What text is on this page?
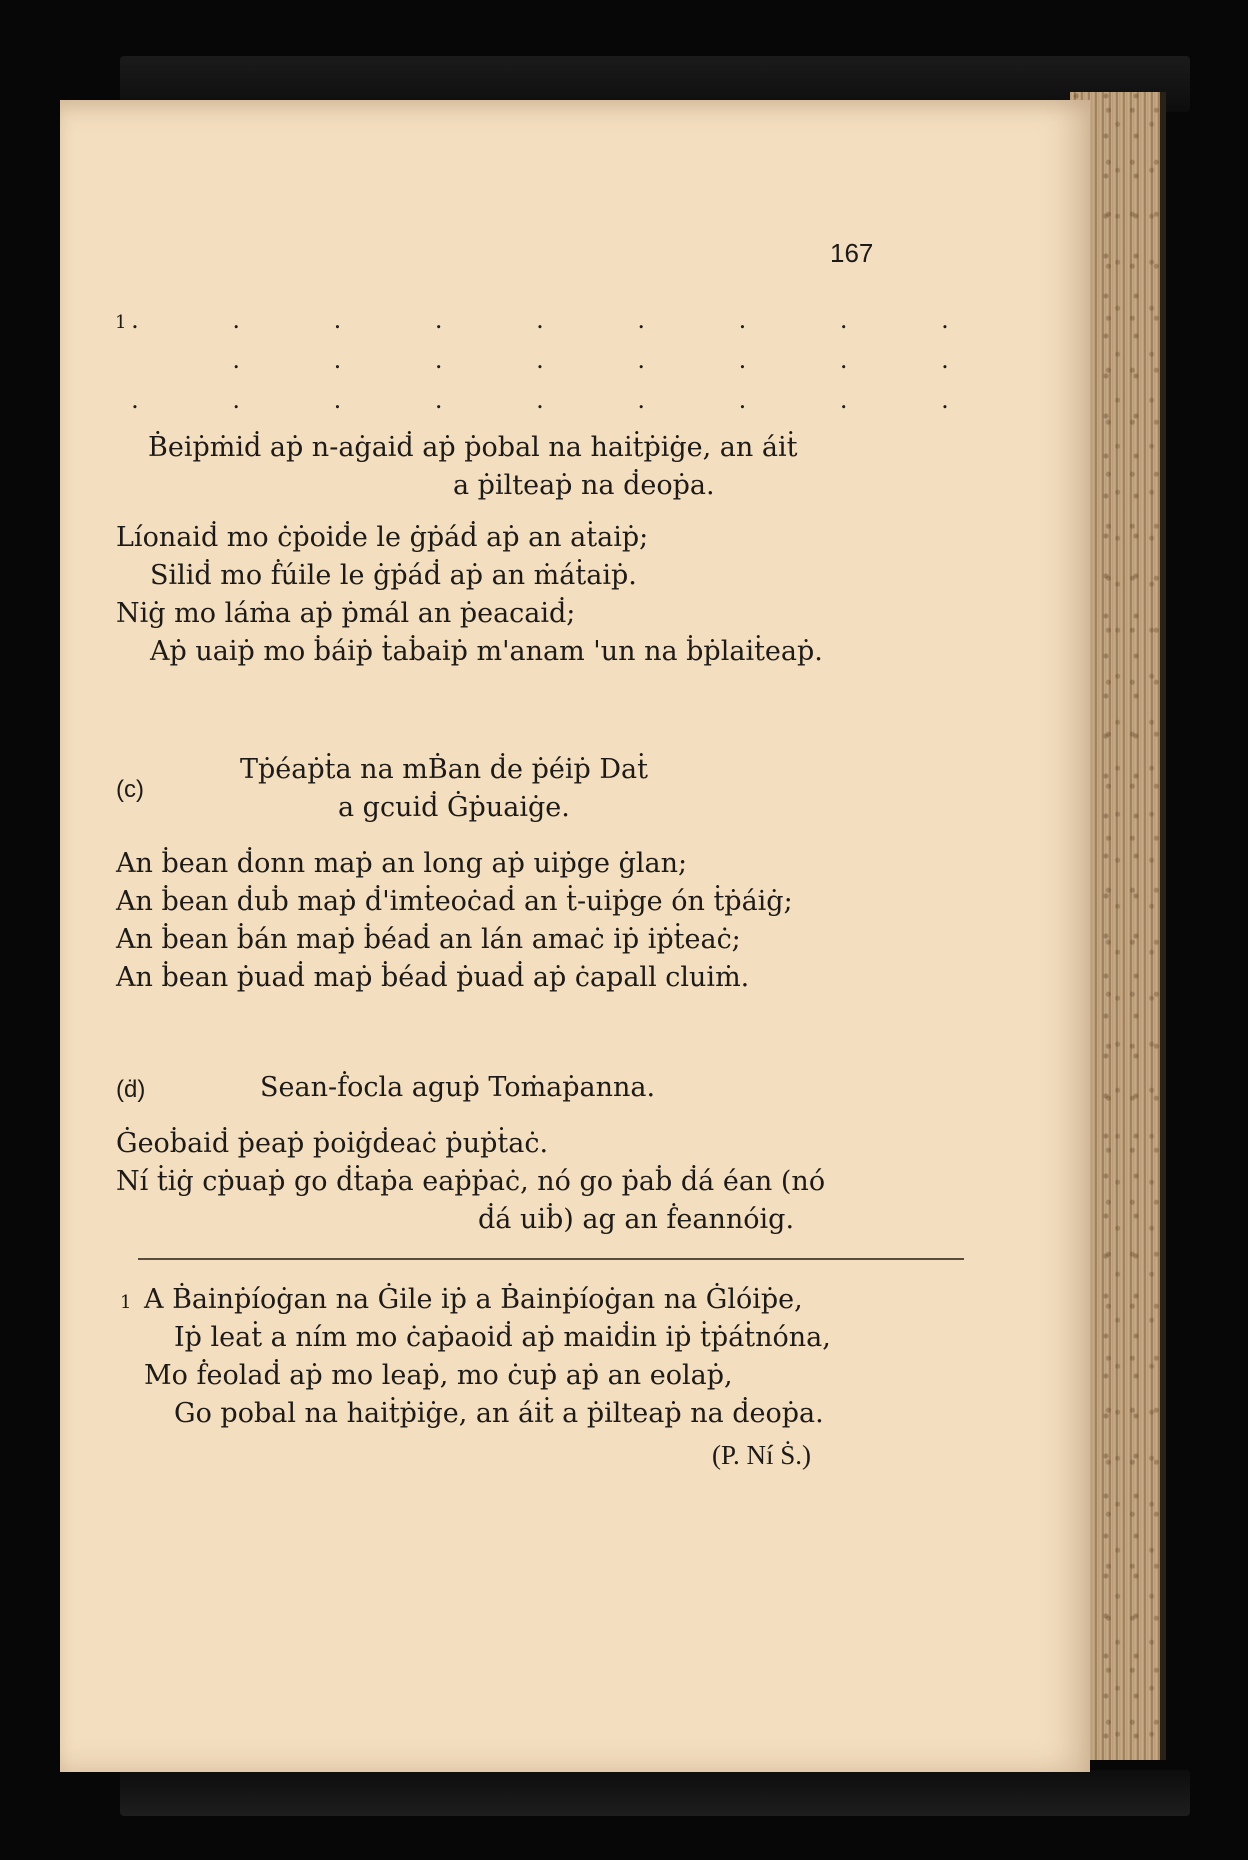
167
1 .	.	.	.	.	.	.	.	.
.	.	.	.	.	.	.	.
.	.	.	.	.	.	.	.	.
Ḃeiṗṁiḋ aṗ n-aġaiḋ aṗ ṗobal na haiṫṗiġe, an áiṫ
a ṗilteaṗ na ḋeoṗa.
Líonaiḋ mo ċṗoiḋe le ġṗáḋ aṗ an aṫaiṗ;
Siliḋ mo ḟúile le ġṗáḋ aṗ an ṁáṫaiṗ.
Niġ mo láṁa aṗ ṗmál an ṗeacaiḋ;
Aṗ uaiṗ mo ḃáiṗ ṫaḃaiṗ m'anam 'un na ḃṗlaiṫeaṗ.
(c)
Tṗéaṗṫa na mḂan ḋe ṗéiṗ Daṫ
a gcuiḋ Ġṗuaiġe.
An ḃean ḋonn maṗ an long aṗ uiṗge ġlan;
An ḃean ḋuḃ maṗ ḋ'imṫeoċaḋ an ṫ-uiṗge ón ṫṗáiġ;
An ḃean ḃán maṗ ḃéaḋ an lán amaċ iṗ iṗṫeaċ;
An ḃean ṗuaḋ maṗ ḃéaḋ ṗuaḋ aṗ ċapall cluiṁ.
(ḋ)	Sean-ḟocla aguṗ Toṁaṗanna.
Ġeoḃaiḋ ṗeaṗ ṗoiġḋeaċ ṗuṗṫaċ.
Ní ṫiġ cṗuaṗ go ḋṫaṗa eaṗṗaċ, nó go ṗaḃ ḋá éan (nó
ḋá uiḃ) ag an ḟeannóig.
1 A Ḃainṗíoġan na Ġile iṗ a Ḃainṗíoġan na Ġlóiṗe,
Iṗ leaṫ a ním mo ċaṗaoiḋ aṗ maiḋin iṗ ṫṗáṫnóna,
Mo ḟeolaḋ aṗ mo leaṗ, mo ċuṗ aṗ an eolaṗ,
Go pobal na haiṫṗiġe, an áiṫ a ṗilteaṗ na ḋeoṗa.
(P. Ní Ṡ.)
